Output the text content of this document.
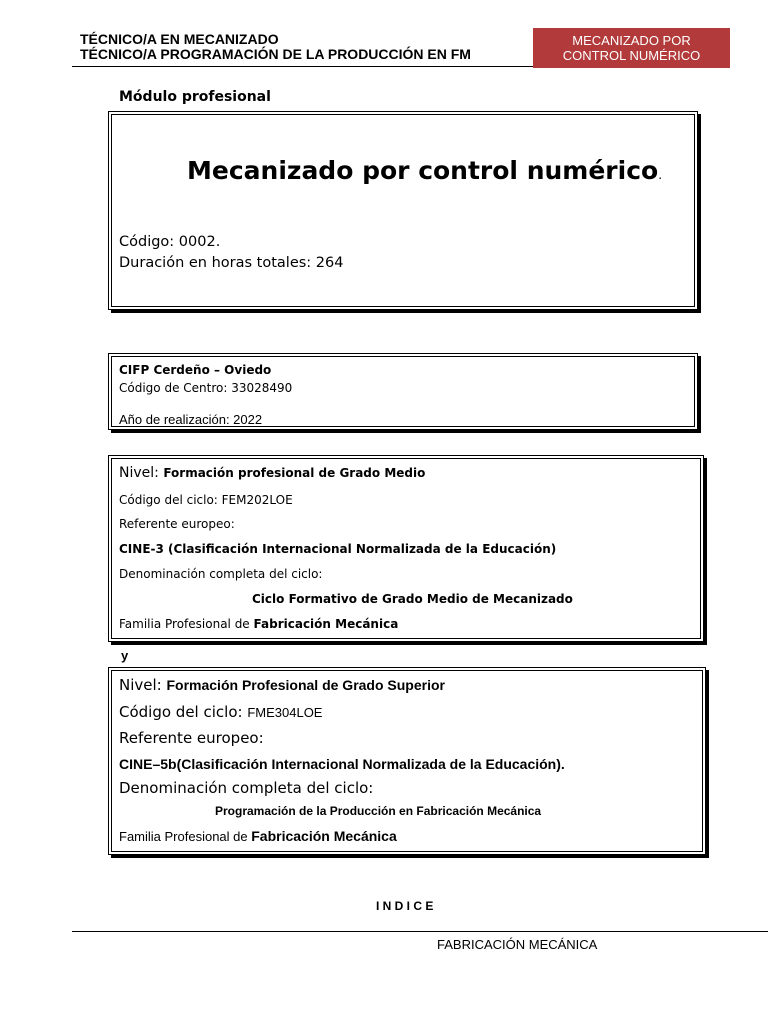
TÉCNICO/A EN MECANIZADO
TÉCNICO/A PROGRAMACIÓN DE LA PRODUCCIÓN EN FM
MECANIZADO POR
CONTROL NUMÉRICO
Módulo profesional
Mecanizado por control numérico.
Código: 0002.
Duración en horas totales: 264
CIFP Cerdeño – Oviedo
Código de Centro: 33028490
Año de realización: 2022
Nivel: Formación profesional de Grado Medio
Código del ciclo: FEM202LOE
Referente europeo:
CINE-3 (Clasificación Internacional Normalizada de la Educación)
Denominación completa del ciclo:
Ciclo Formativo de Grado Medio de Mecanizado
Familia Profesional de Fabricación Mecánica
y
Nivel: Formación Profesional de Grado Superior
Código del ciclo: FME304LOE
Referente europeo:
CINE–5b(Clasificación Internacional Normalizada de la Educación).
Denominación completa del ciclo:
Programación de la Producción en Fabricación Mecánica
Familia Profesional de Fabricación Mecánica
I N D I C E
FABRICACIÓN MECÁNICA
